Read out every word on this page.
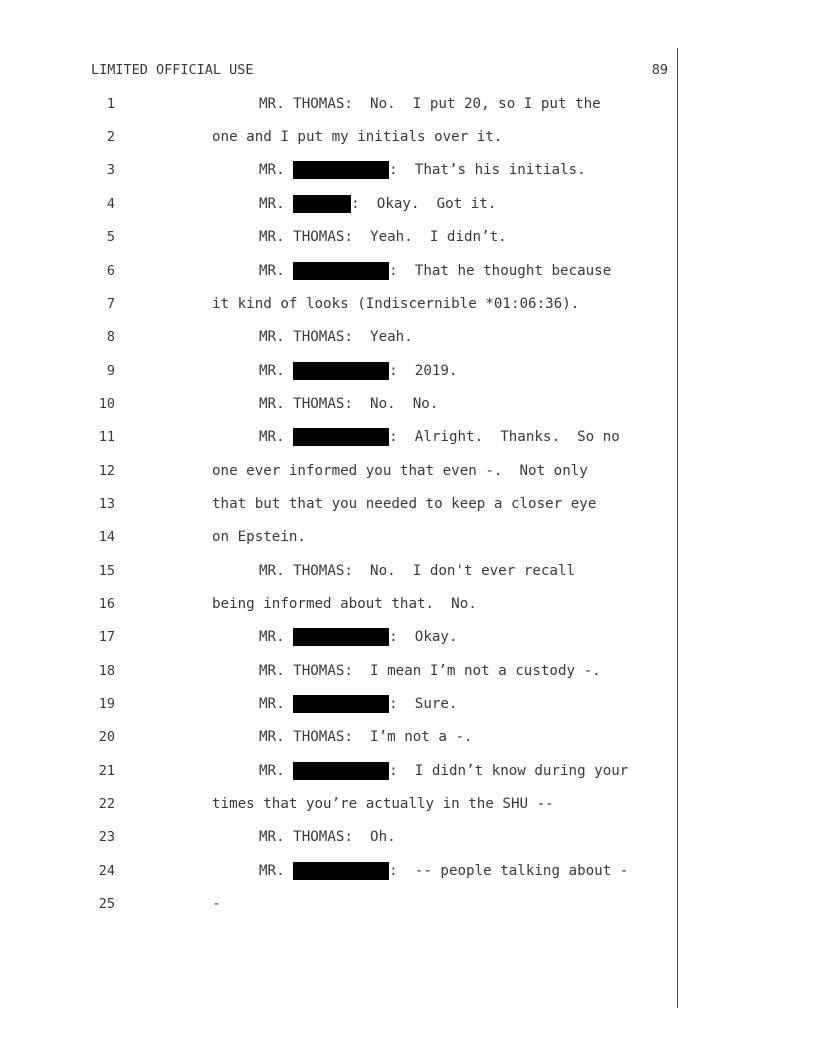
LIMITED OFFICIAL USE	89
1	MR. THOMAS:  No.  I put 20, so I put the
2	one and I put my initials over it.
3	MR.	:  That’s his initials.
4	MR.	:  Okay.  Got it.
5	MR. THOMAS:  Yeah.  I didn’t.
6	MR.	:  That he thought because
7	it kind of looks (Indiscernible *01:06:36).
8	MR. THOMAS:  Yeah.
9	MR.	:  2019.
10	MR. THOMAS:  No.  No.
11	MR.	:  Alright.  Thanks.  So no
12	one ever informed you that even -.  Not only
13	that but that you needed to keep a closer eye
14	on Epstein.
15	MR. THOMAS:  No.  I don't ever recall
16	being informed about that.  No.
17	MR.	:  Okay.
18	MR. THOMAS:  I mean I’m not a custody -.
19	MR.	:  Sure.
20	MR. THOMAS:  I’m not a -.
21	MR.	:  I didn’t know during your
22	times that you’re actually in the SHU --
23	MR. THOMAS:  Oh.
24	MR.	:  -- people talking about -
25	-
